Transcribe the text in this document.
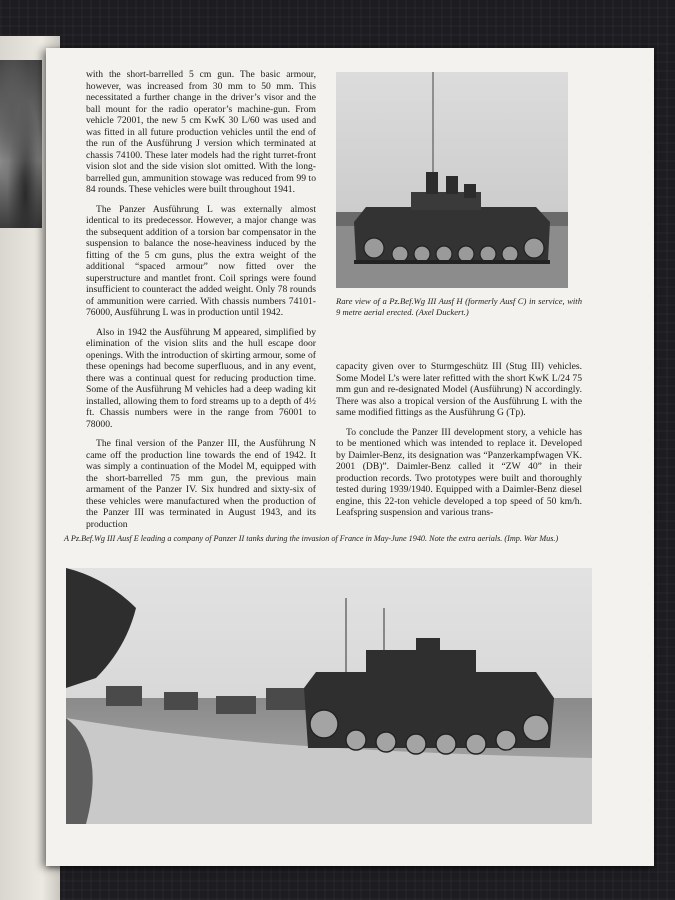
with the short-barrelled 5 cm gun. The basic armour, however, was increased from 30 mm to 50 mm. This necessitated a further change in the driver’s visor and the ball mount for the radio operator’s machine-gun. From vehicle 72001, the new 5 cm KwK 30 L/60 was used and was fitted in all future production vehicles until the end of the run of the Ausführung J version which terminated at chassis 74100. These later models had the right turret-front vision slot and the side vision slot omitted. With the long-barrelled gun, ammunition stowage was reduced from 99 to 84 rounds. These vehicles were built throughout 1941.

The Panzer Ausführung L was externally almost identical to its predecessor. However, a major change was the subsequent addition of a torsion bar compensator in the suspension to balance the nose-heaviness induced by the fitting of the 5 cm guns, plus the extra weight of the additional “spaced armour” now fitted over the superstructure and mantlet front. Coil springs were found insufficient to counteract the added weight. Only 78 rounds of ammunition were carried. With chassis numbers 74101-76000, Ausführung L was in production until 1942.

Also in 1942 the Ausführung M appeared, simplified by elimination of the vision slits and the hull escape door openings. With the introduction of skirting armour, some of these openings had become superfluous, and in any event, there was a continual quest for reducing production time. Some of the Ausführung M vehicles had a deep wading kit installed, allowing them to ford streams up to a depth of 4½ ft. Chassis numbers were in the range from 76001 to 78000.

The final version of the Panzer III, the Ausführung N came off the production line towards the end of 1942. It was simply a continuation of the Model M, equipped with the short-barrelled 75 mm gun, the previous main armament of the Panzer IV. Six hundred and sixty-six of these vehicles were manufactured when the production of the Panzer III was terminated in August 1943, and its production

Rare view of a Pz.Bef.Wg III Ausf H (formerly Ausf C) in service, with 9 metre aerial erected. (Axel Duckert.)

capacity given over to Sturmgeschütz III (Stug III) vehicles. Some Model L’s were later refitted with the short KwK L/24 75 mm gun and re-designated Model (Ausführung) N accordingly. There was also a tropical version of the Ausführung L with the same modified fittings as the Ausführung G (Tp).

To conclude the Panzer III development story, a vehicle has to be mentioned which was intended to replace it. Developed by Daimler-Benz, its designation was “Panzerkampfwagen VK. 2001 (DB)”. Daimler-Benz called it “ZW 40” in their production records. Two prototypes were built and thoroughly tested during 1939/1940. Equipped with a Daimler-Benz diesel engine, this 22-ton vehicle developed a top speed of 50 km/h. Leafspring suspension and various trans-

A Pz.Bef.Wg III Ausf E leading a company of Panzer II tanks during the invasion of France in May-June 1940. Note the extra aerials. (Imp. War Mus.)
